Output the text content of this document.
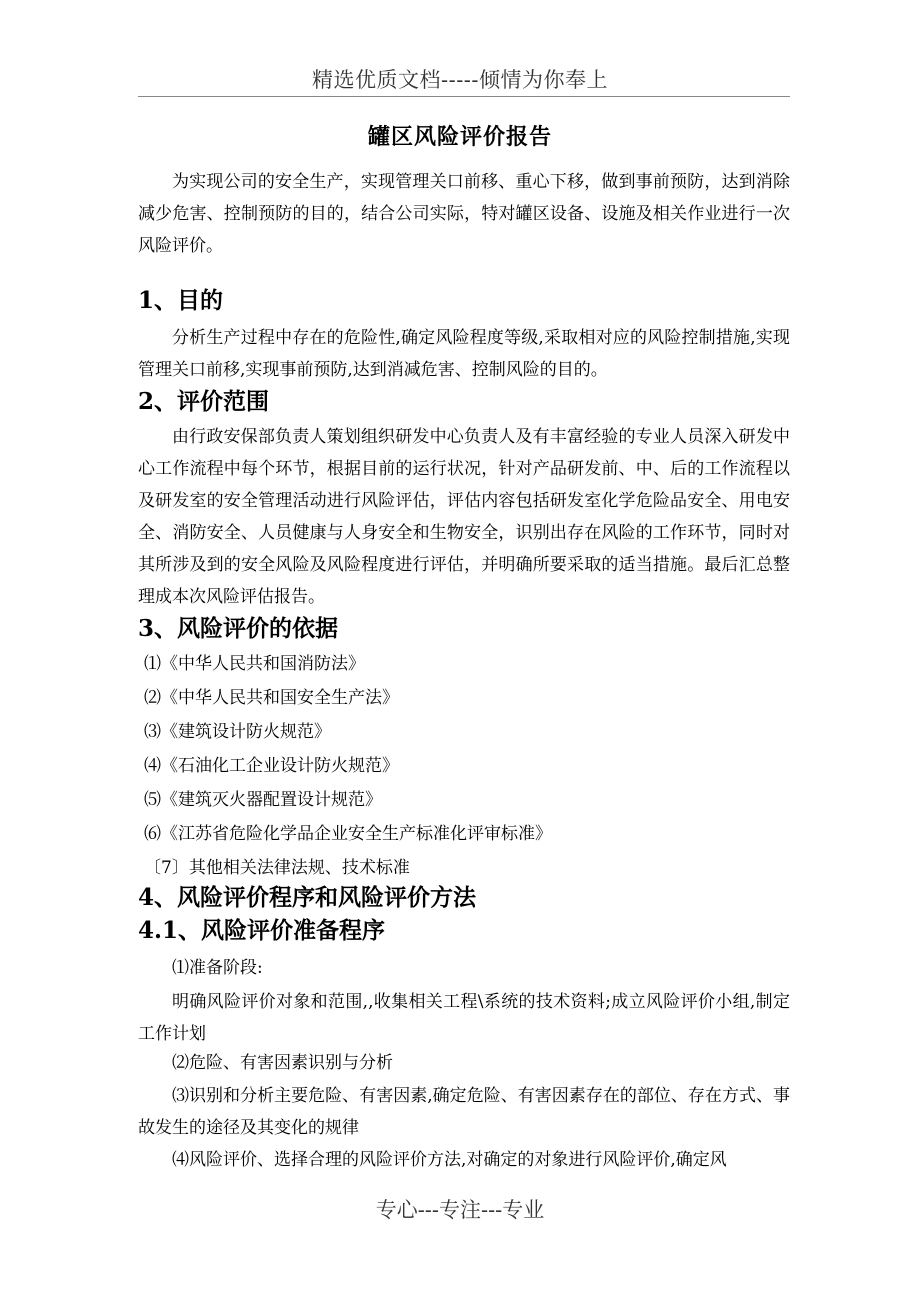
精选优质文档-----倾情为你奉上
罐区风险评价报告

为实现公司的安全生产，实现管理关口前移、重心下移，做到事前预防，达到消除减少危害、控制预防的目的，结合公司实际，特对罐区设备、设施及相关作业进行一次风险评价。

1、目的

分析生产过程中存在的危险性,确定风险程度等级,采取相对应的风险控制措施,实现管理关口前移,实现事前预防,达到消减危害、控制风险的目的。

2、评价范围

由行政安保部负责人策划组织研发中心负责人及有丰富经验的专业人员深入研发中心工作流程中每个环节，根据目前的运行状况，针对产品研发前、中、后的工作流程以及研发室的安全管理活动进行风险评估，评估内容包括研发室化学危险品安全、用电安全、消防安全、人员健康与人身安全和生物安全，识别出存在风险的工作环节，同时对其所涉及到的安全风险及风险程度进行评估，并明确所要采取的适当措施。最后汇总整理成本次风险评估报告。

3、风险评价的依据
⑴《中华人民共和国消防法》
⑵《中华人民共和国安全生产法》
⑶《建筑设计防火规范》
⑷《石油化工企业设计防火规范》
⑸《建筑灭火器配置设计规范》
⑹《江苏省危险化学品企业安全生产标准化评审标准》
〔7〕其他相关法律法规、技术标准
4、风险评价程序和风险评价方法
4.1、风险评价准备程序

⑴准备阶段:

明确风险评价对象和范围,,收集相关工程\系统的技术资料;成立风险评价小组,制定工作计划

⑵危险、有害因素识别与分析

⑶识别和分析主要危险、有害因素,确定危险、有害因素存在的部位、存在方式、事故发生的途径及其变化的规律

⑷风险评价、选择合理的风险评价方法,对确定的对象进行风险评价,确定风

专心---专注---专业
